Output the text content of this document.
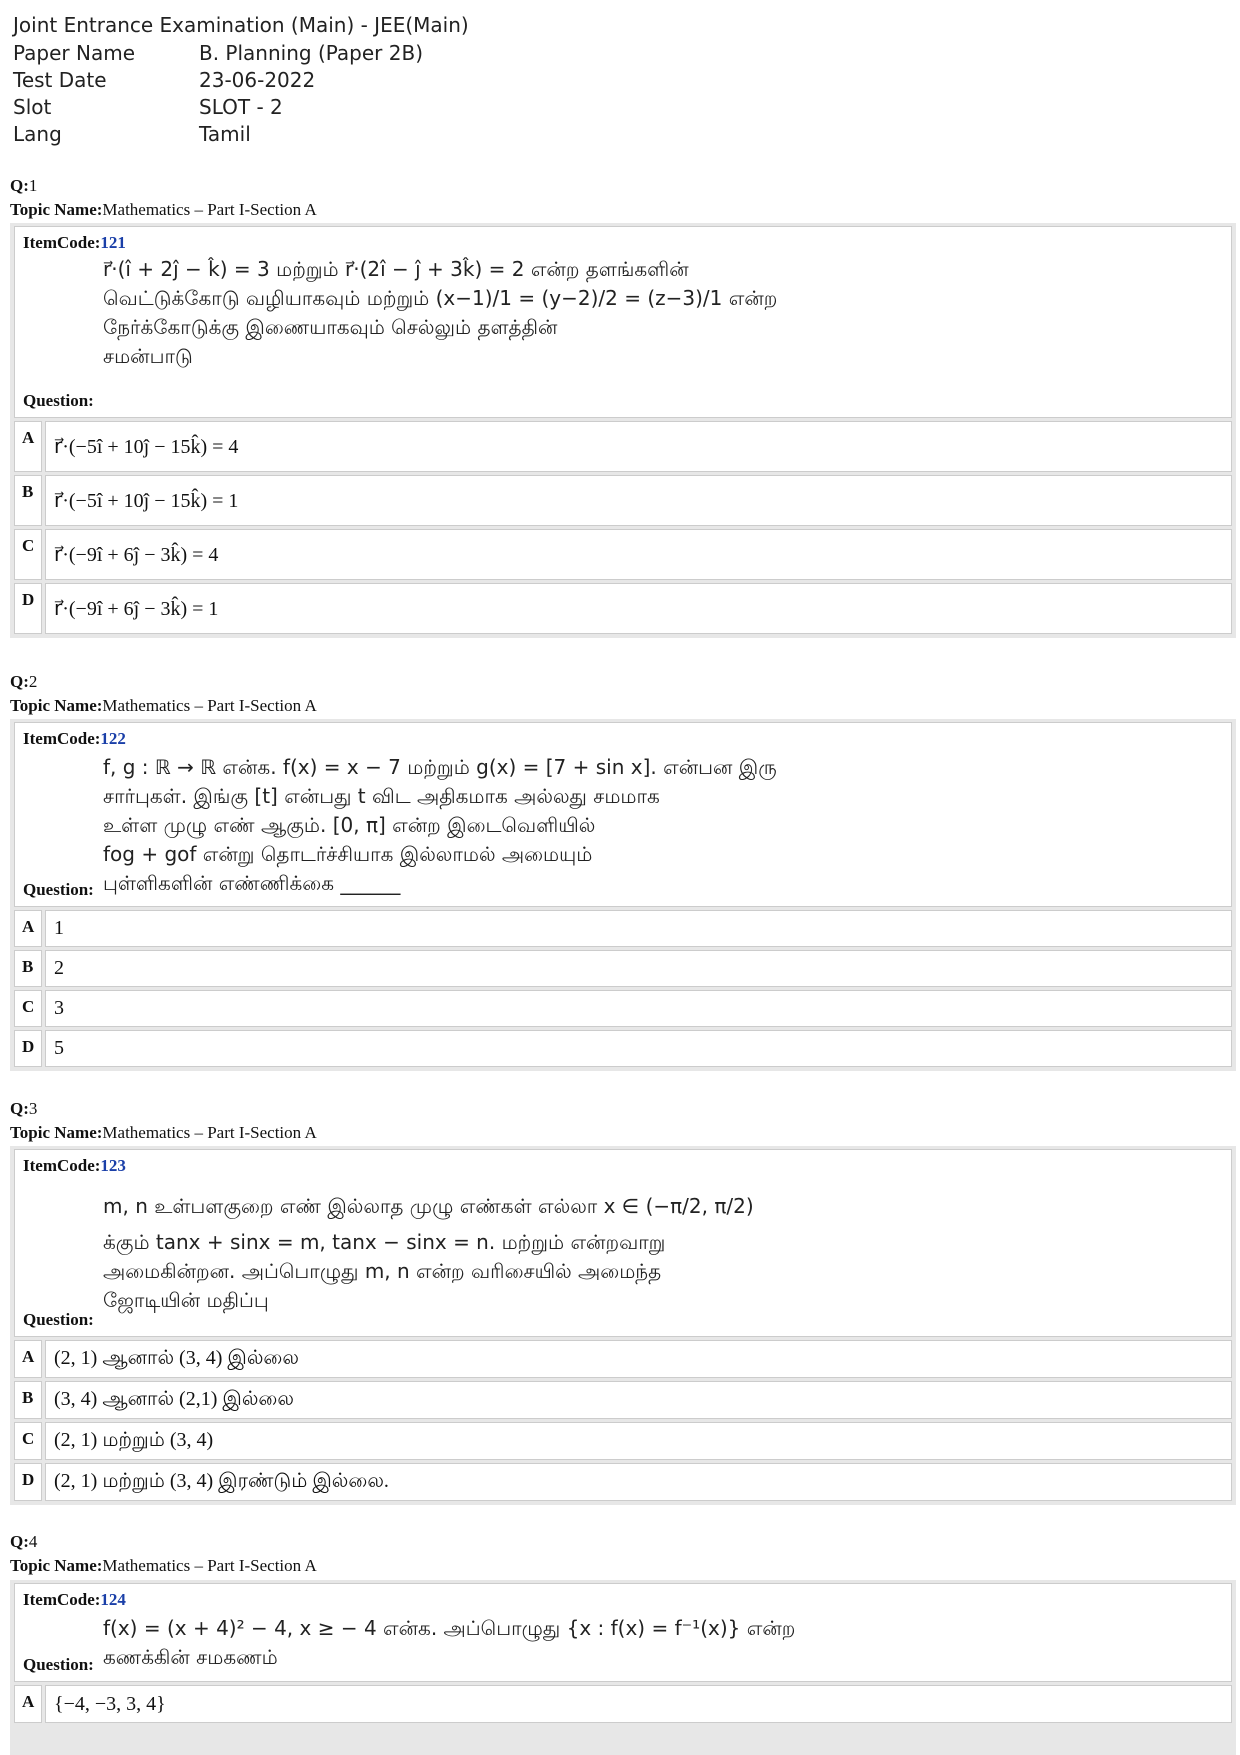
Joint Entrance Examination (Main) - JEE(Main)
Paper Name	B. Planning (Paper 2B)
Test Date	23-06-2022
Slot	SLOT - 2
Lang	Tamil
Q:1
Topic Name:Mathematics – Part I-Section A
ItemCode:121
r⃗·(î + 2ĵ − k̂) = 3 மற்றும் r⃗·(2î − ĵ + 3k̂) = 2 என்ற தளங்களின்
வெட்டுக்கோடு வழியாகவும் மற்றும் (x−1)/1 = (y−2)/2 = (z−3)/1 என்ற
நேர்க்கோடுக்கு இணையாகவும் செல்லும் தளத்தின்
சமன்பாடு
Question:
A r⃗·(−5î + 10ĵ − 15k̂) = 4
B	r⃗·(−5î + 10ĵ − 15k̂) = 1
C r⃗·(−9î + 6ĵ − 3k̂) = 4
D r⃗·(−9î + 6ĵ − 3k̂) = 1
Q:2
Topic Name:Mathematics – Part I-Section A
ItemCode:122
f, g : ℝ → ℝ என்க. f(x) = x − 7 மற்றும் g(x) = [7 + sin x]. என்பன இரு
சார்புகள். இங்கு [t] என்பது t விட அதிகமாக அல்லது சமமாக
உள்ள முழு எண் ஆகும். [0, π] என்ற இடைவெளியில்
fog + gof என்று தொடர்ச்சியாக இல்லாமல் அமையும்
புள்ளிகளின் எண்ணிக்கை ______
Question:
A 1
B	2
C 3
D 5
Q:3
Topic Name:Mathematics – Part I-Section A
ItemCode:123
m, n உள்பளகுறை எண் இல்லாத முழு எண்கள் எல்லா x ∈ (−π/2, π/2)
க்கும் tanx + sinx = m, tanx − sinx = n. மற்றும் என்றவாறு
அமைகின்றன. அப்பொழுது m, n என்ற வரிசையில் அமைந்த
ஜோடியின் மதிப்பு
Question:
A (2, 1) ஆனால் (3, 4) இல்லை
B	(3, 4) ஆனால் (2,1) இல்லை
C (2, 1) மற்றும் (3, 4)
D (2, 1) மற்றும் (3, 4) இரண்டும் இல்லை.
Q:4
Topic Name:Mathematics – Part I-Section A
ItemCode:124
f(x) = (x + 4)² − 4, x ≥ − 4 என்க. அப்பொழுது {x : f(x) = f⁻¹(x)} என்ற
கணக்கின் சமகணம்
Question:
A {−4, −3, 3, 4}
